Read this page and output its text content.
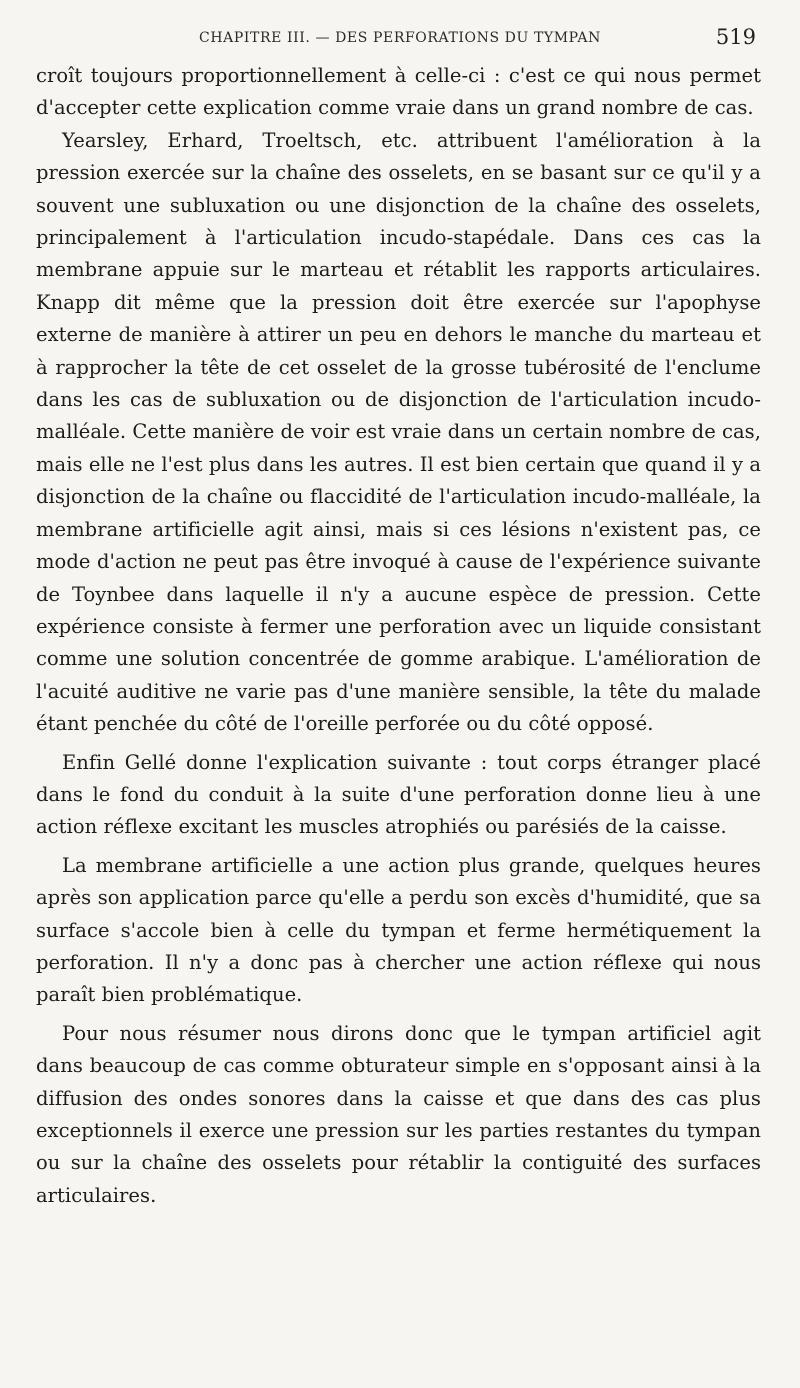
CHAPITRE III. — DES PERFORATIONS DU TYMPAN	519

croît toujours proportionnellement à celle-ci : c'est ce qui nous permet d'accepter cette explication comme vraie dans un grand nombre de cas.

Yearsley, Erhard, Troeltsch, etc. attribuent l'amélioration à la pression exercée sur la chaîne des osselets, en se basant sur ce qu'il y a souvent une subluxation ou une disjonction de la chaîne des osselets, principalement à l'articulation incudo-stapédale. Dans ces cas la membrane appuie sur le marteau et rétablit les rapports articulaires. Knapp dit même que la pression doit être exercée sur l'apophyse externe de manière à attirer un peu en dehors le manche du marteau et à rapprocher la tête de cet osselet de la grosse tubérosité de l'enclume dans les cas de subluxation ou de disjonction de l'articulation incudo-malléale. Cette manière de voir est vraie dans un certain nombre de cas, mais elle ne l'est plus dans les autres. Il est bien certain que quand il y a disjonction de la chaîne ou flaccidité de l'articulation incudo-malléale, la membrane artificielle agit ainsi, mais si ces lésions n'existent pas, ce mode d'action ne peut pas être invoqué à cause de l'expérience suivante de Toynbee dans laquelle il n'y a aucune espèce de pression. Cette expérience consiste à fermer une perforation avec un liquide consistant comme une solution concentrée de gomme arabique. L'amélioration de l'acuité auditive ne varie pas d'une manière sensible, la tête du malade étant penchée du côté de l'oreille perforée ou du côté opposé.

Enfin Gellé donne l'explication suivante : tout corps étranger placé dans le fond du conduit à la suite d'une perforation donne lieu à une action réflexe excitant les muscles atrophiés ou parésiés de la caisse.

La membrane artificielle a une action plus grande, quelques heures après son application parce qu'elle a perdu son excès d'humidité, que sa surface s'accole bien à celle du tympan et ferme hermétiquement la perforation. Il n'y a donc pas à chercher une action réflexe qui nous paraît bien problématique.

Pour nous résumer nous dirons donc que le tympan artificiel agit dans beaucoup de cas comme obturateur simple en s'opposant ainsi à la diffusion des ondes sonores dans la caisse et que dans des cas plus exceptionnels il exerce une pression sur les parties restantes du tympan ou sur la chaîne des osselets pour rétablir la contiguité des surfaces articulaires.
